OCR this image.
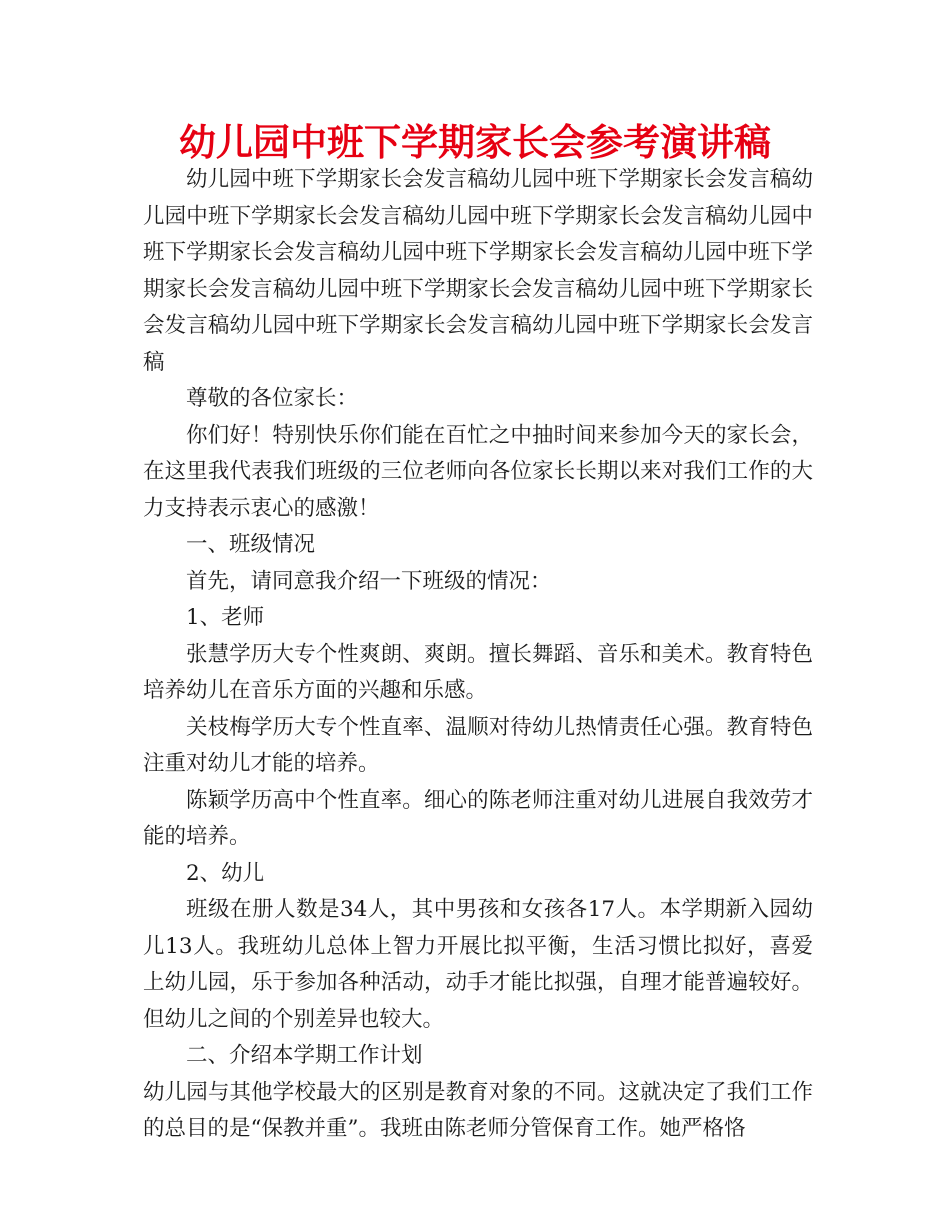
幼儿园中班下学期家长会参考演讲稿

幼儿园中班下学期家长会发言稿幼儿园中班下学期家长会发言稿幼儿园中班下学期家长会发言稿幼儿园中班下学期家长会发言稿幼儿园中班下学期家长会发言稿幼儿园中班下学期家长会发言稿幼儿园中班下学期家长会发言稿幼儿园中班下学期家长会发言稿幼儿园中班下学期家长会发言稿幼儿园中班下学期家长会发言稿幼儿园中班下学期家长会发言稿

尊敬的各位家长：

你们好！特别快乐你们能在百忙之中抽时间来参加今天的家长会，在这里我代表我们班级的三位老师向各位家长长期以来对我们工作的大力支持表示衷心的感激！

一、班级情况

首先，请同意我介绍一下班级的情况：

1、老师

张慧学历大专个性爽朗、爽朗。擅长舞蹈、音乐和美术。教育特色培养幼儿在音乐方面的兴趣和乐感。

关枝梅学历大专个性直率、温顺对待幼儿热情责任心强。教育特色注重对幼儿才能的培养。

陈颖学历高中个性直率。细心的陈老师注重对幼儿进展自我效劳才能的培养。

2、幼儿

班级在册人数是34人，其中男孩和女孩各17人。本学期新入园幼儿13人。我班幼儿总体上智力开展比拟平衡，生活习惯比拟好，喜爱上幼儿园，乐于参加各种活动，动手才能比拟强，自理才能普遍较好。但幼儿之间的个别差异也较大。

二、介绍本学期工作计划

幼儿园与其他学校最大的区别是教育对象的不同。这就决定了我们工作的总目的是“保教并重”。我班由陈老师分管保育工作。她严格恪
